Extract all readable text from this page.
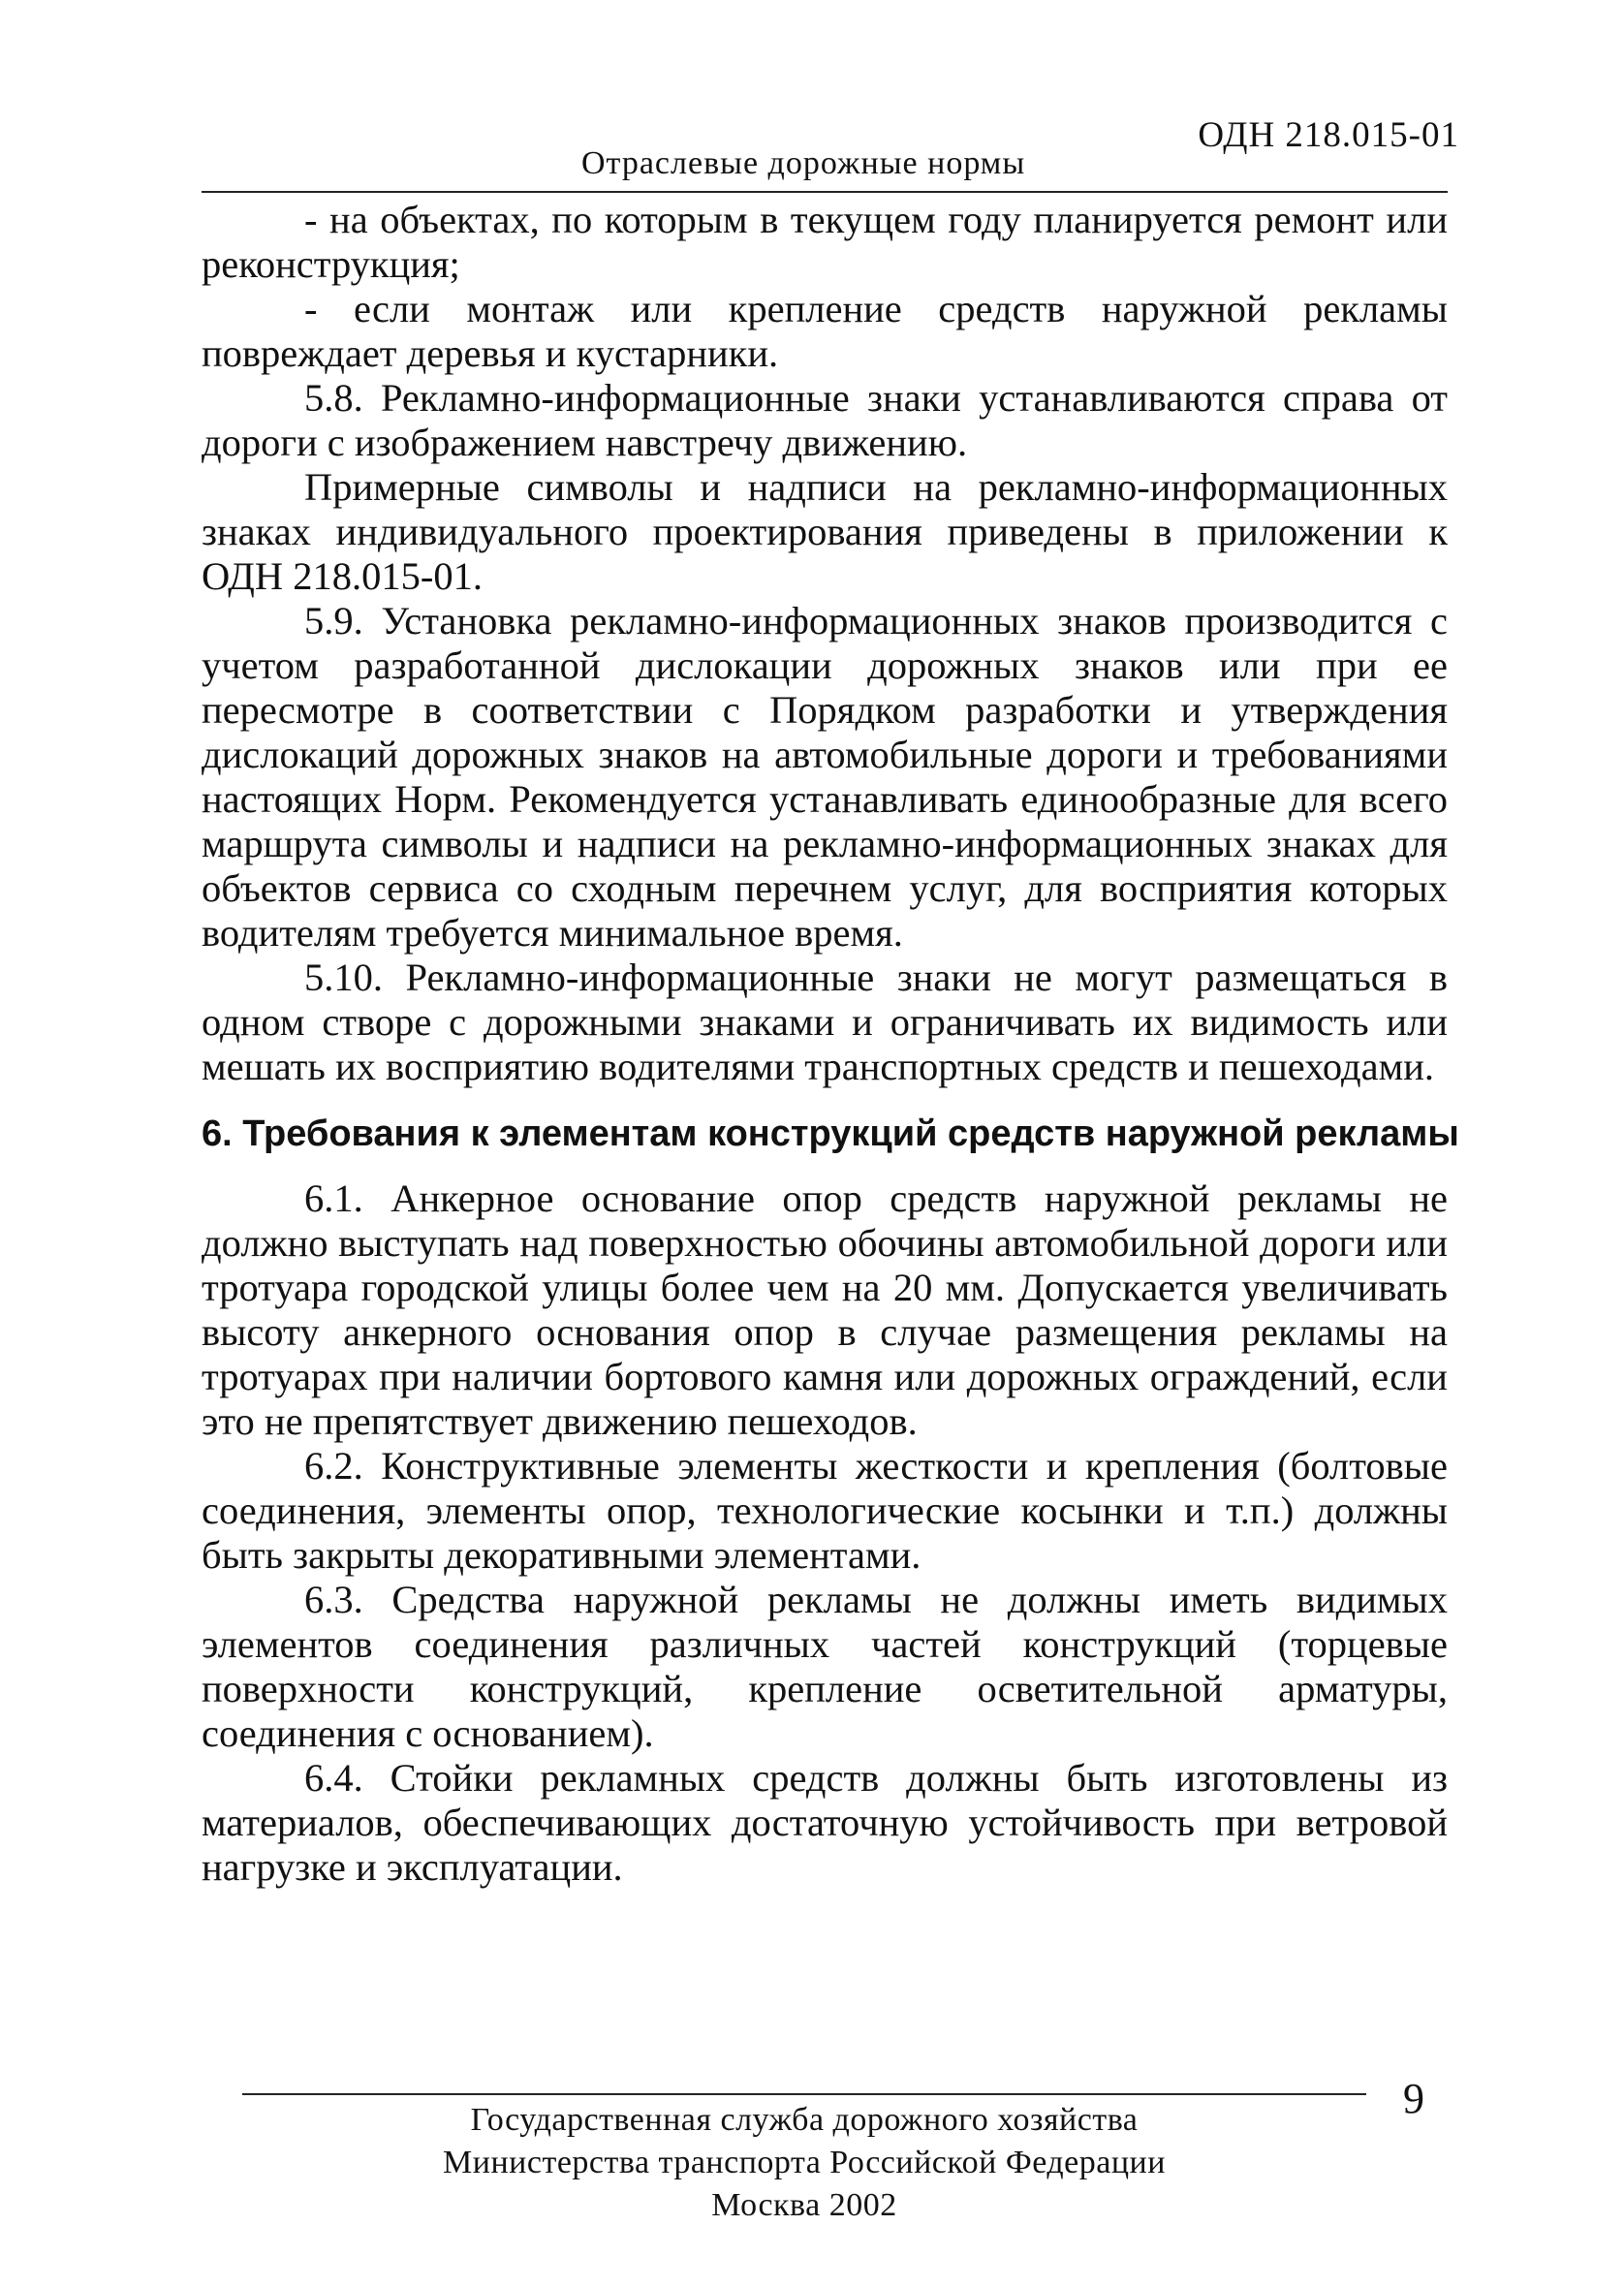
ОДН 218.015-01
Отраслевые дорожные нормы

- на объектах, по которым в текущем году планируется ремонт или реконструкция;

- если монтаж или крепление средств наружной рекламы повреждает деревья и кустарники.

5.8. Рекламно-информационные знаки устанавливаются справа от дороги с изображением навстречу движению.

Примерные символы и надписи на рекламно-информационных знаках индивидуального проектирования приведены в приложении к ОДН 218.015-01.

5.9. Установка рекламно-информационных знаков производится с учетом разработанной дислокации дорожных знаков или при ее пересмотре в соответствии с Порядком разработки и утверждения дислокаций дорожных знаков на автомобильные дороги и требованиями настоящих Норм. Рекомендуется устанавливать единообразные для всего маршрута символы и надписи на рекламно-информационных знаках для объектов сервиса со сходным перечнем услуг, для восприятия которых водителям требуется минимальное время.

5.10. Рекламно-информационные знаки не могут размещаться в одном створе с дорожными знаками и ограничивать их видимость или мешать их восприятию водителями транспортных средств и пешеходами.

6. Требования к элементам конструкций средств наружной рекламы

6.1. Анкерное основание опор средств наружной рекламы не должно выступать над поверхностью обочины автомобильной дороги или тротуара городской улицы более чем на 20 мм. Допускается увеличивать высоту анкерного основания опор в случае размещения рекламы на тротуарах при наличии бортового камня или дорожных ограждений, если это не препятствует движению пешеходов.

6.2. Конструктивные элементы жесткости и крепления (болтовые соединения, элементы опор, технологические косынки и т.п.) должны быть закрыты декоративными элементами.

6.3. Средства наружной рекламы не должны иметь видимых элементов соединения различных частей конструкций (торцевые поверхности конструкций, крепление осветительной арматуры, соединения с основанием).

6.4. Стойки рекламных средств должны быть изготовлены из материалов, обеспечивающих достаточную устойчивость при ветровой нагрузке и эксплуатации.

Государственная служба дорожного хозяйства
Министерства транспорта Российской Федерации
Москва 2002
9
